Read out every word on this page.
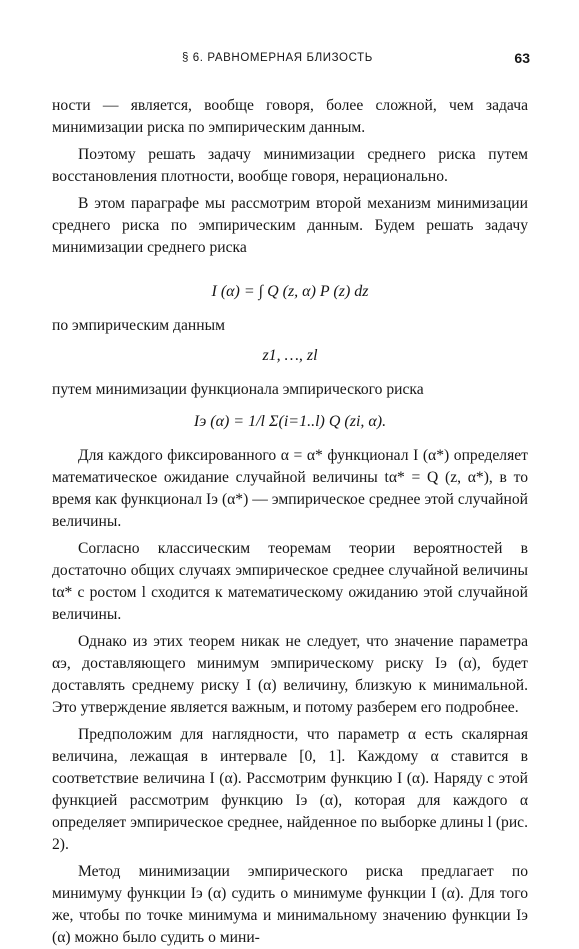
§ 6. РАВНОМЕРНАЯ БЛИЗОСТЬ	63

ности — является, вообще говоря, более сложной, чем задача минимизации риска по эмпирическим данным.

Поэтому решать задачу минимизации среднего риска путем восстановления плотности, вообще говоря, нерационально.

В этом параграфе мы рассмотрим второй механизм минимизации среднего риска по эмпирическим данным. Будем решать задачу минимизации среднего риска

I (α) = ∫ Q (z, α) P (z) dz

по эмпирическим данным

z1, …, zl

путем минимизации функционала эмпирического риска

Iэ (α) = 1/l Σ(i=1..l) Q (zi, α).

Для каждого фиксированного α = α* функционал I (α*) определяет математическое ожидание случайной величины tα* = Q (z, α*), в то время как функционал Iэ (α*) — эмпирическое среднее этой случайной величины.

Согласно классическим теоремам теории вероятностей в достаточно общих случаях эмпирическое среднее случайной величины tα* с ростом l сходится к математическому ожиданию этой случайной величины.

Однако из этих теорем никак не следует, что значение параметра αэ, доставляющего минимум эмпирическому риску Iэ (α), будет доставлять среднему риску I (α) величину, близкую к минимальной. Это утверждение является важным, и потому разберем его подробнее.

Предположим для наглядности, что параметр α есть скалярная величина, лежащая в интервале [0, 1]. Каждому α ставится в соответствие величина I (α). Рассмотрим функцию I (α). Наряду с этой функцией рассмотрим функцию Iэ (α), которая для каждого α определяет эмпирическое среднее, найденное по выборке длины l (рис. 2).

Метод минимизации эмпирического риска предлагает по минимуму функции Iэ (α) судить о минимуме функции I (α). Для того же, чтобы по точке минимума и минимальному значению функции Iэ (α) можно было судить о мини-
